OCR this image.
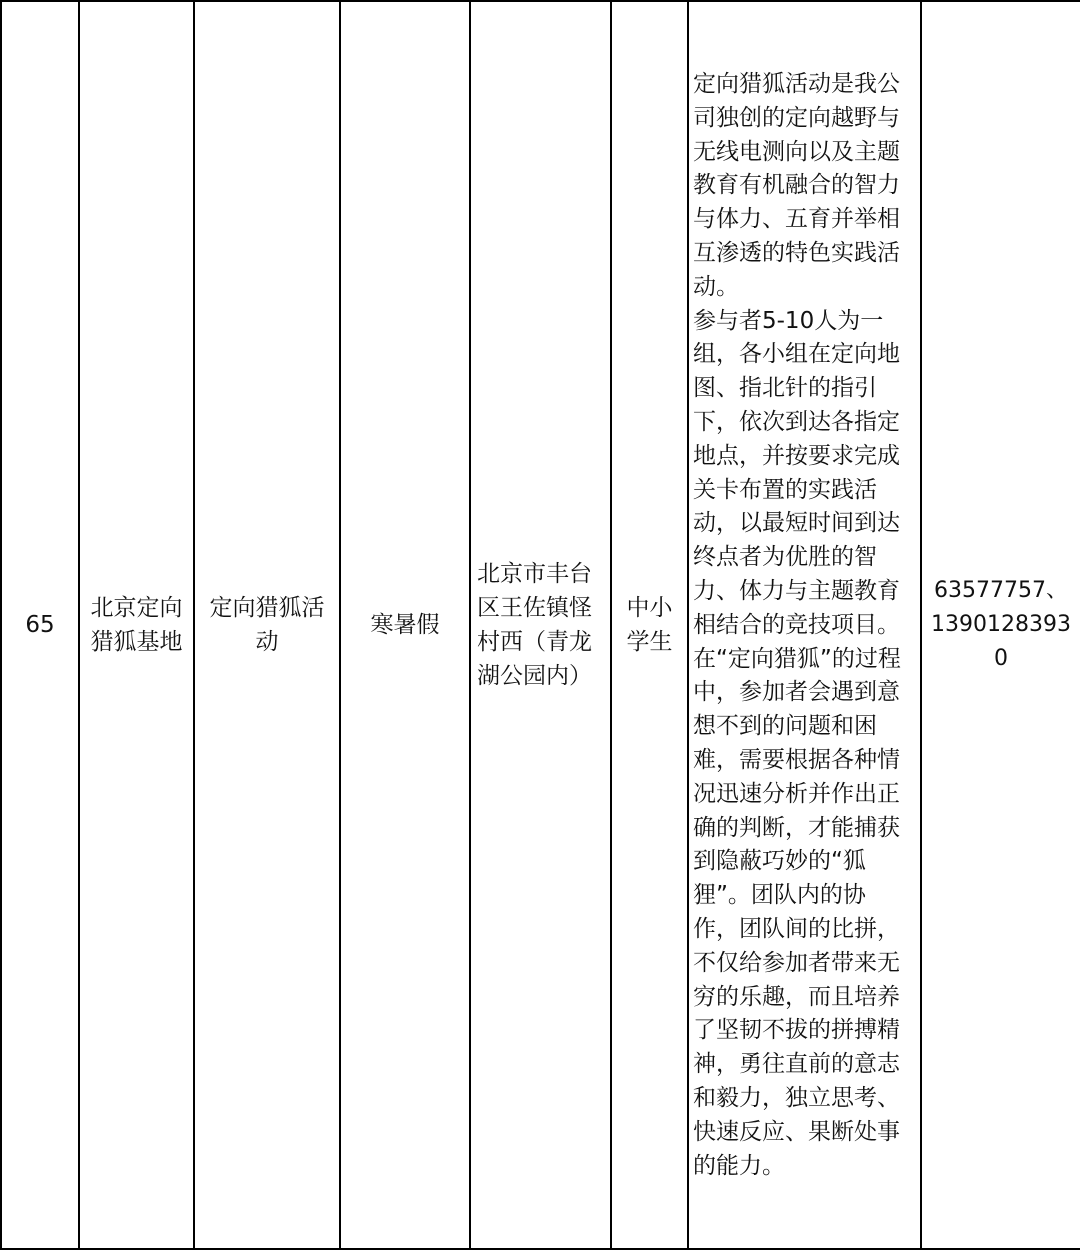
65

北京定向猎狐基地

定向猎狐活动

寒暑假

北京市丰台区王佐镇怪村西（青龙湖公园内）

中小学生

定向猎狐活动是我公司独创的定向越野与无线电测向以及主题教育有机融合的智力与体力、五育并举相互渗透的特色实践活动。
参与者5-10人为一组，各小组在定向地图、指北针的指引下，依次到达各指定地点，并按要求完成关卡布置的实践活动，以最短时间到达终点者为优胜的智力、体力与主题教育相结合的竞技项目。
在“定向猎狐”的过程中，参加者会遇到意想不到的问题和困难，需要根据各种情况迅速分析并作出正确的判断，才能捕获到隐蔽巧妙的“狐狸”。团队内的协作，团队间的比拼，不仅给参加者带来无穷的乐趣，而且培养了坚韧不拔的拼搏精神，勇往直前的意志和毅力，独立思考、快速反应、果断处事的能力。

63577757、13901283930
